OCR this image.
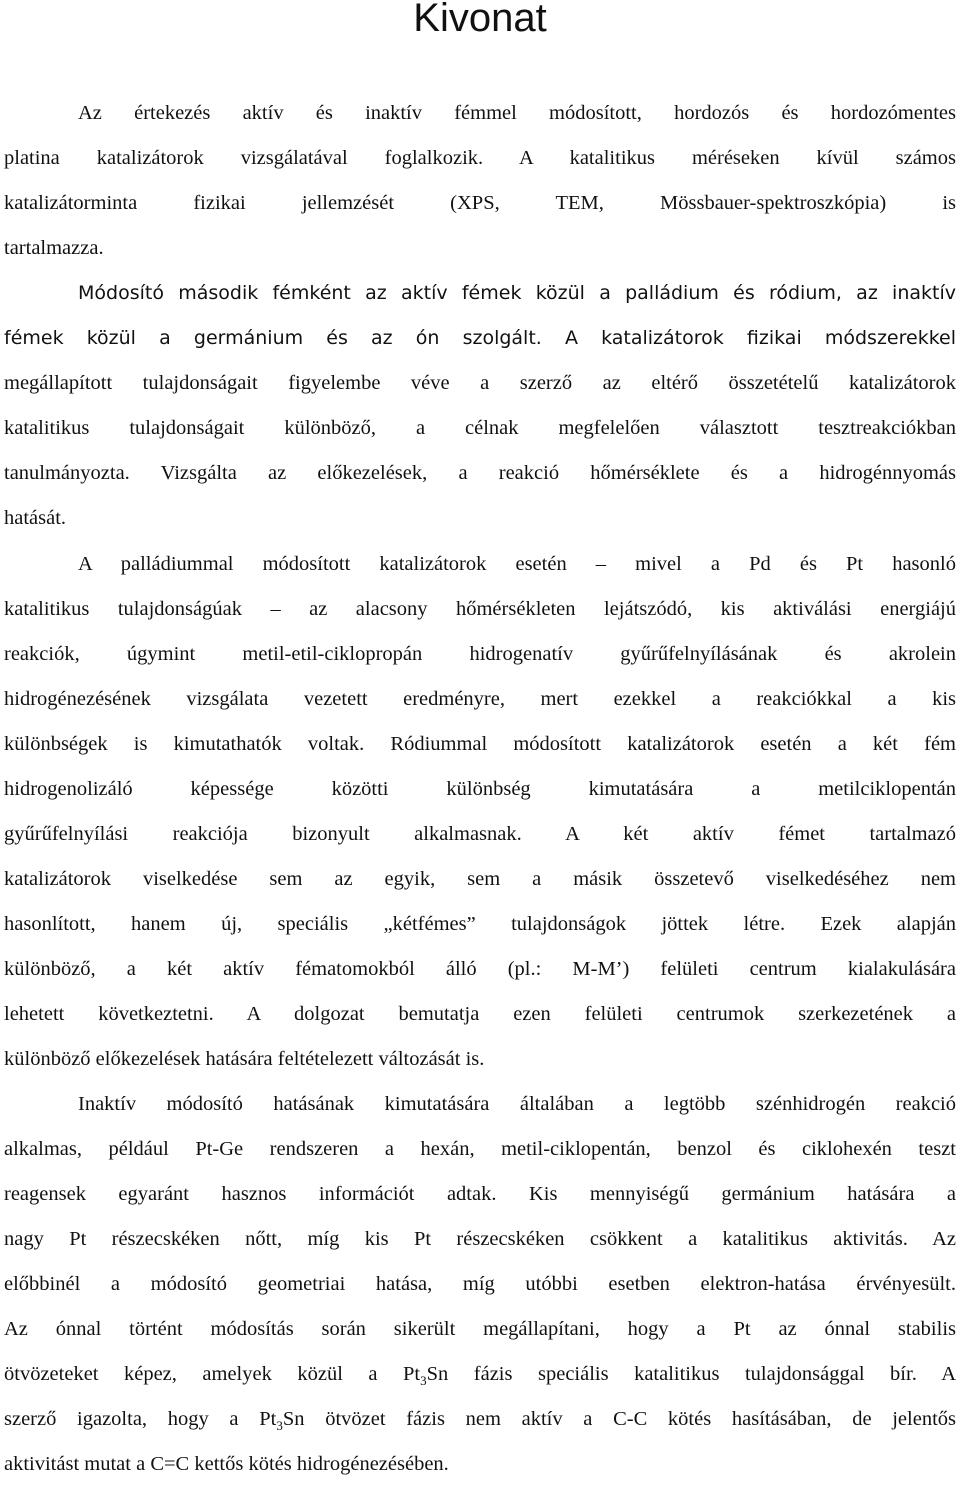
Kivonat
Az értekezés aktív és inaktív fémmel módosított, hordozós és hordozómentes
platina katalizátorok vizsgálatával foglalkozik. A katalitikus méréseken kívül számos
katalizátorminta fizikai jellemzését (XPS, TEM, Mössbauer-spektroszkópia) is
tartalmazza.
Módosító második fémként az aktív fémek közül a palládium és ródium, az inaktív
fémek közül a germánium és az ón szolgált. A katalizátorok fizikai módszerekkel
megállapított tulajdonságait figyelembe véve a szerző az eltérő összetételű katalizátorok
katalitikus tulajdonságait különböző, a célnak megfelelően választott tesztreakciókban
tanulmányozta. Vizsgálta az előkezelések, a reakció hőmérséklete és a hidrogénnyomás
hatását.
A palládiummal módosított katalizátorok esetén – mivel a Pd és Pt hasonló
katalitikus tulajdonságúak – az alacsony hőmérsékleten lejátszódó, kis aktiválási energiájú
reakciók, úgymint metil-etil-ciklopropán hidrogenatív gyűrűfelnyílásának és akrolein
hidrogénezésének vizsgálata vezetett eredményre, mert ezekkel a reakciókkal a kis
különbségek is kimutathatók voltak. Ródiummal módosított katalizátorok esetén a két fém
hidrogenolizáló képessége közötti különbség kimutatására a metilciklopentán
gyűrűfelnyílási reakciója bizonyult alkalmasnak. A két aktív fémet tartalmazó
katalizátorok viselkedése sem az egyik, sem a másik összetevő viselkedéséhez nem
hasonlított, hanem új, speciális „kétfémes” tulajdonságok jöttek létre. Ezek alapján
különböző, a két aktív fématomokból álló (pl.: M-M’) felületi centrum kialakulására
lehetett következtetni. A dolgozat bemutatja ezen felületi centrumok szerkezetének a
különböző előkezelések hatására feltételezett változását is.
Inaktív módosító hatásának kimutatására általában a legtöbb szénhidrogén reakció
alkalmas, például Pt-Ge rendszeren a hexán, metil-ciklopentán, benzol és ciklohexén teszt
reagensek egyaránt hasznos információt adtak. Kis mennyiségű germánium hatására a
nagy Pt részecskéken nőtt, míg kis Pt részecskéken csökkent a katalitikus aktivitás. Az
előbbinél a módosító geometriai hatása, míg utóbbi esetben elektron-hatása érvényesült.
Az ónnal történt módosítás során sikerült megállapítani, hogy a Pt az ónnal stabilis
ötvözeteket képez, amelyek közül a $Pt_3Sn$ fázis speciális katalitikus tulajdonsággal bír. A
szerző igazolta, hogy a $Pt_3Sn$ ötvözet fázis nem aktív a C-C kötés hasításában, de jelentős
aktivitást mutat a C=C kettős kötés hidrogénezésében.
